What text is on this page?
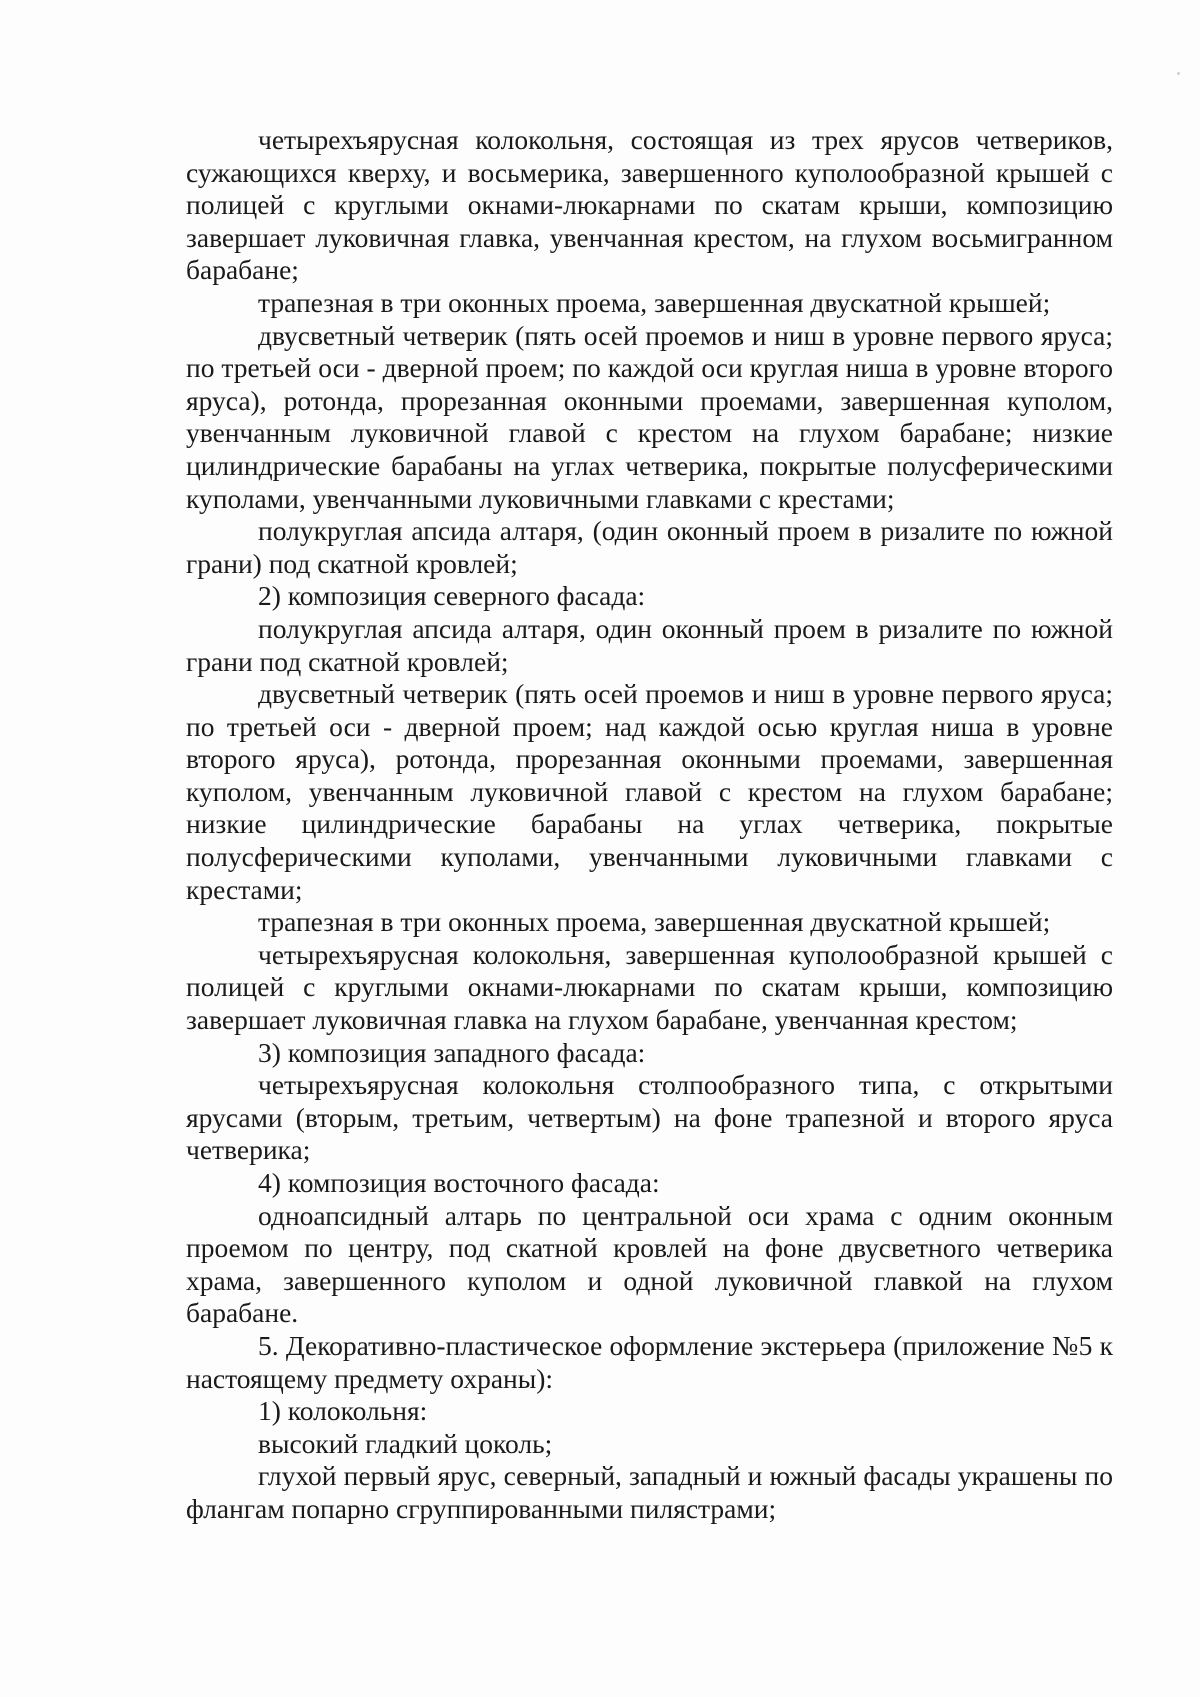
четырехъярусная колокольня, состоящая из трех ярусов четвериков, сужающихся кверху, и восьмерика, завершенного куполообразной крышей с полицей с круглыми окнами-люкарнами по скатам крыши, композицию завершает луковичная главка, увенчанная крестом, на глухом восьмигранном барабане;

трапезная в три оконных проема, завершенная двускатной крышей;

двусветный четверик (пять осей проемов и ниш в уровне первого яруса; по третьей оси - дверной проем; по каждой оси круглая ниша в уровне второго яруса), ротонда, прорезанная оконными проемами, завершенная куполом, увенчанным луковичной главой с крестом на глухом барабане; низкие цилиндрические барабаны на углах четверика, покрытые полусферическими куполами, увенчанными луковичными главками с крестами;

полукруглая апсида алтаря, (один оконный проем в ризалите по южной грани) под скатной кровлей;

2) композиция северного фасада:

полукруглая апсида алтаря, один оконный проем в ризалите по южной грани под скатной кровлей;

двусветный четверик (пять осей проемов и ниш в уровне первого яруса; по третьей оси - дверной проем; над каждой осью круглая ниша в уровне второго яруса), ротонда, прорезанная оконными проемами, завершенная куполом, увенчанным луковичной главой с крестом на глухом барабане; низкие цилиндрические барабаны на углах четверика, покрытые полусферическими куполами, увенчанными луковичными главками с крестами;

трапезная в три оконных проема, завершенная двускатной крышей;

четырехъярусная колокольня, завершенная куполообразной крышей с полицей с круглыми окнами-люкарнами по скатам крыши, композицию завершает луковичная главка на глухом барабане, увенчанная крестом;

3) композиция западного фасада:

четырехъярусная колокольня столпообразного типа, с открытыми ярусами (вторым, третьим, четвертым) на фоне трапезной и второго яруса четверика;

4) композиция восточного фасада:

одноапсидный алтарь по центральной оси храма с одним оконным проемом по центру, под скатной кровлей на фоне двусветного четверика храма, завершенного куполом и одной луковичной главкой на глухом барабане.

5. Декоративно-пластическое оформление экстерьера (приложение №5 к настоящему предмету охраны):

1) колокольня:

высокий гладкий цоколь;

глухой первый ярус, северный, западный и южный фасады украшены по флангам попарно сгруппированными пилястрами;
